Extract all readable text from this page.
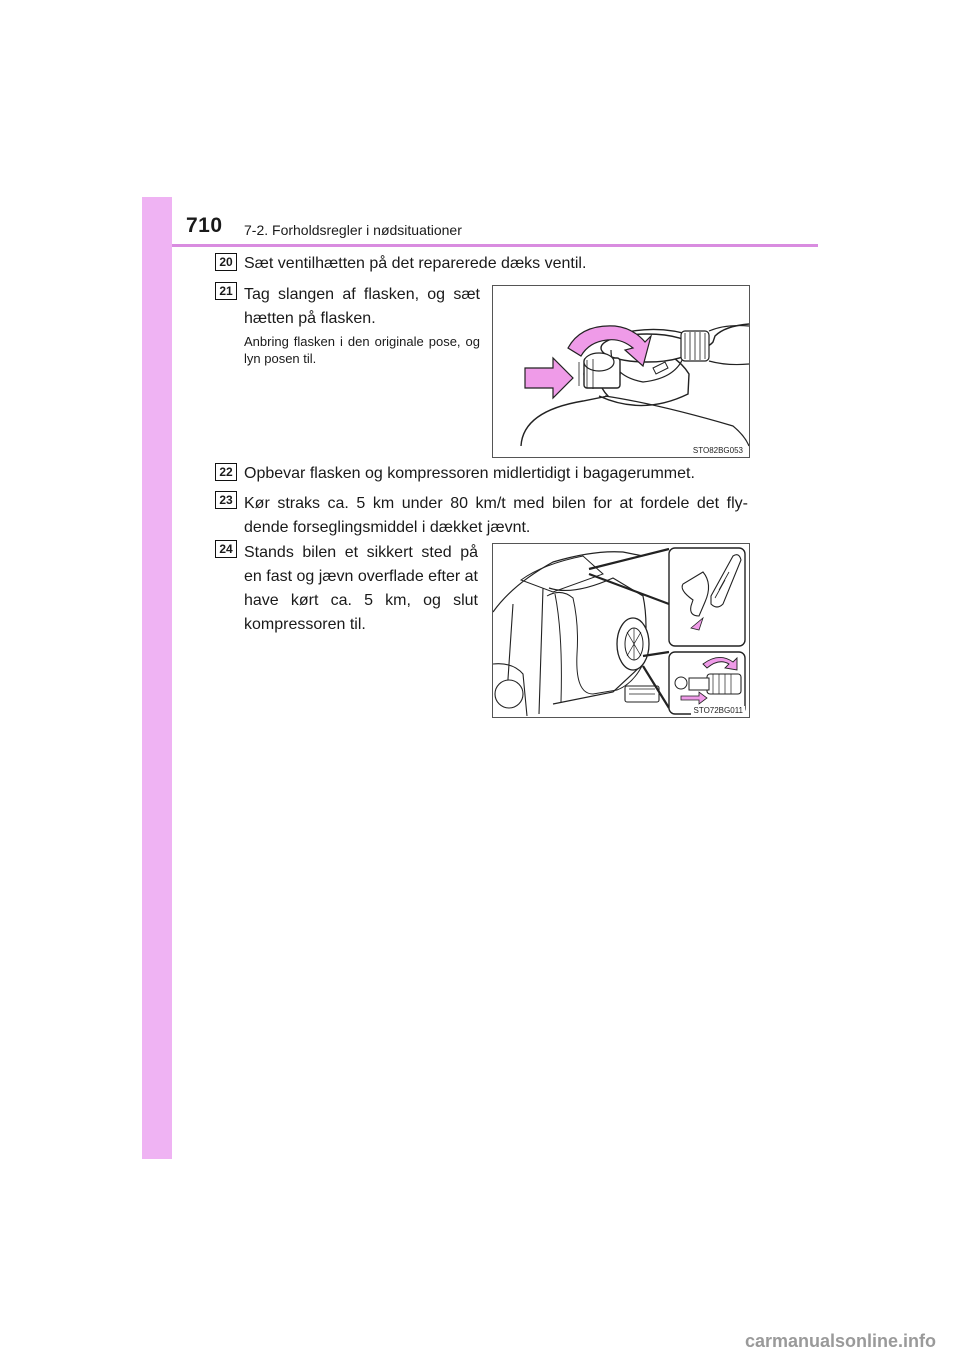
710 7-2. Forholdsregler i nødsituationer
20 Sæt ventilhætten på det reparerede dæks ventil.
21 Tag slangen af flasken, og sæt hætten på flasken.
Anbring flasken i den originale pose, og lyn posen til.
STO82BG053
22 Opbevar flasken og kompressoren midlertidigt i bagagerummet.
23 Kør straks ca. 5 km under 80 km/t med bilen for at fordele det fly-dende forseglingsmiddel i dækket jævnt.
24 Stands bilen et sikkert sted på en fast og jævn overflade efter at have kørt ca. 5 km, og slut kompressoren til.
STO72BG011
carmanualsonline.info
